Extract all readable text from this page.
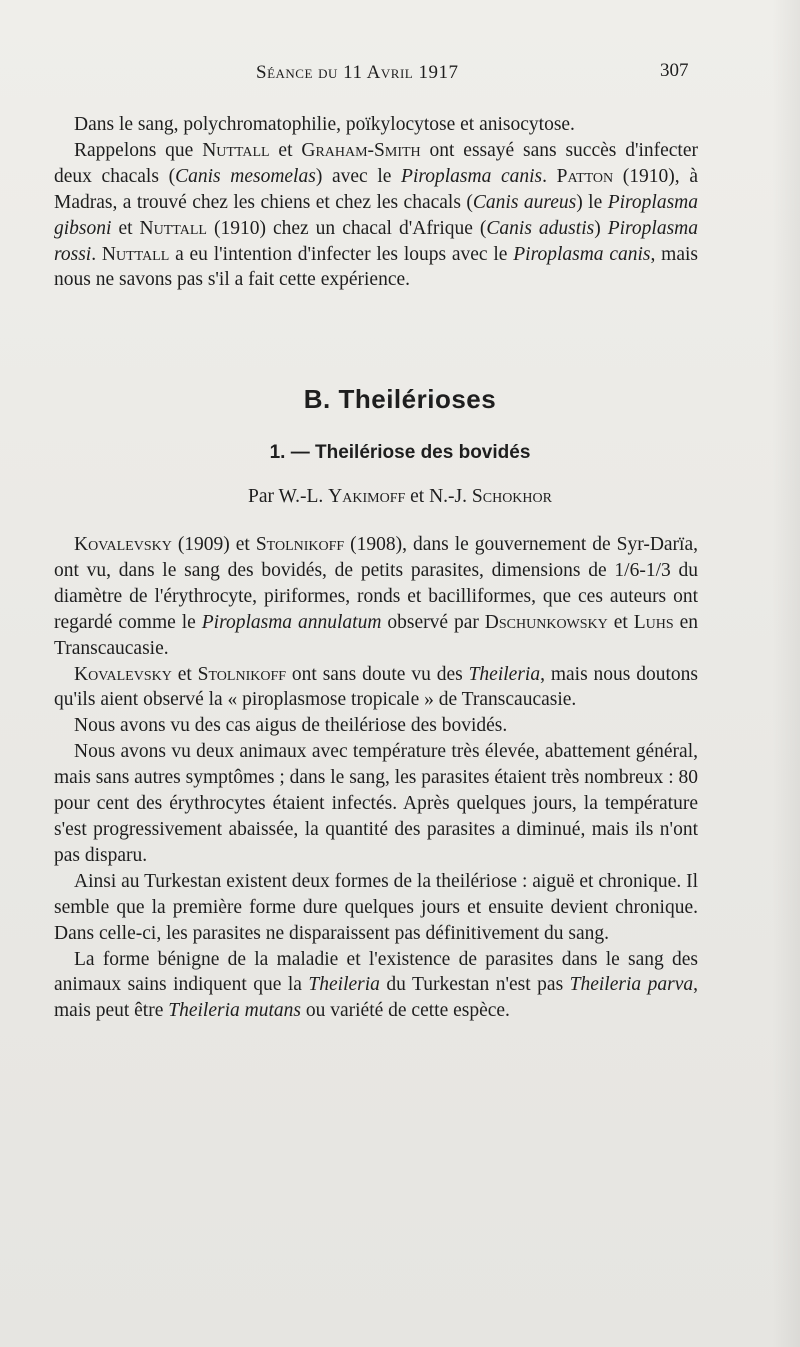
Séance du 11 Avril 1917	307

Dans le sang, polychromatophilie, poïkylocytose et anisocytose.

Rappelons que Nuttall et Graham-Smith ont essayé sans succès d'infecter deux chacals (Canis mesomelas) avec le Piroplasma canis. Patton (1910), à Madras, a trouvé chez les chiens et chez les chacals (Canis aureus) le Piroplasma gibsoni et Nuttall (1910) chez un chacal d'Afrique (Canis adustis) Piroplasma rossi. Nuttall a eu l'intention d'infecter les loups avec le Piroplasma canis, mais nous ne savons pas s'il a fait cette expérience.

B. Theilérioses
1. — Theilériose des bovidés
Par W.-L. Yakimoff et N.-J. Schokhor

Kovalevsky (1909) et Stolnikoff (1908), dans le gouvernement de Syr-Darïa, ont vu, dans le sang des bovidés, de petits parasites, dimensions de 1/6-1/3 du diamètre de l'érythrocyte, piriformes, ronds et bacilliformes, que ces auteurs ont regardé comme le Piroplasma annulatum observé par Dschunkowsky et Luhs en Transcaucasie.

Kovalevsky et Stolnikoff ont sans doute vu des Theileria, mais nous doutons qu'ils aient observé la « piroplasmose tropicale » de Transcaucasie.

Nous avons vu des cas aigus de theilériose des bovidés.

Nous avons vu deux animaux avec température très élevée, abattement général, mais sans autres symptômes ; dans le sang, les parasites étaient très nombreux : 80 pour cent des érythrocytes étaient infectés. Après quelques jours, la température s'est progressivement abaissée, la quantité des parasites a diminué, mais ils n'ont pas disparu.

Ainsi au Turkestan existent deux formes de la theilériose : aiguë et chronique. Il semble que la première forme dure quelques jours et ensuite devient chronique. Dans celle-ci, les parasites ne disparaissent pas définitivement du sang.

La forme bénigne de la maladie et l'existence de parasites dans le sang des animaux sains indiquent que la Theileria du Turkestan n'est pas Theileria parva, mais peut être Theileria mutans ou variété de cette espèce.
